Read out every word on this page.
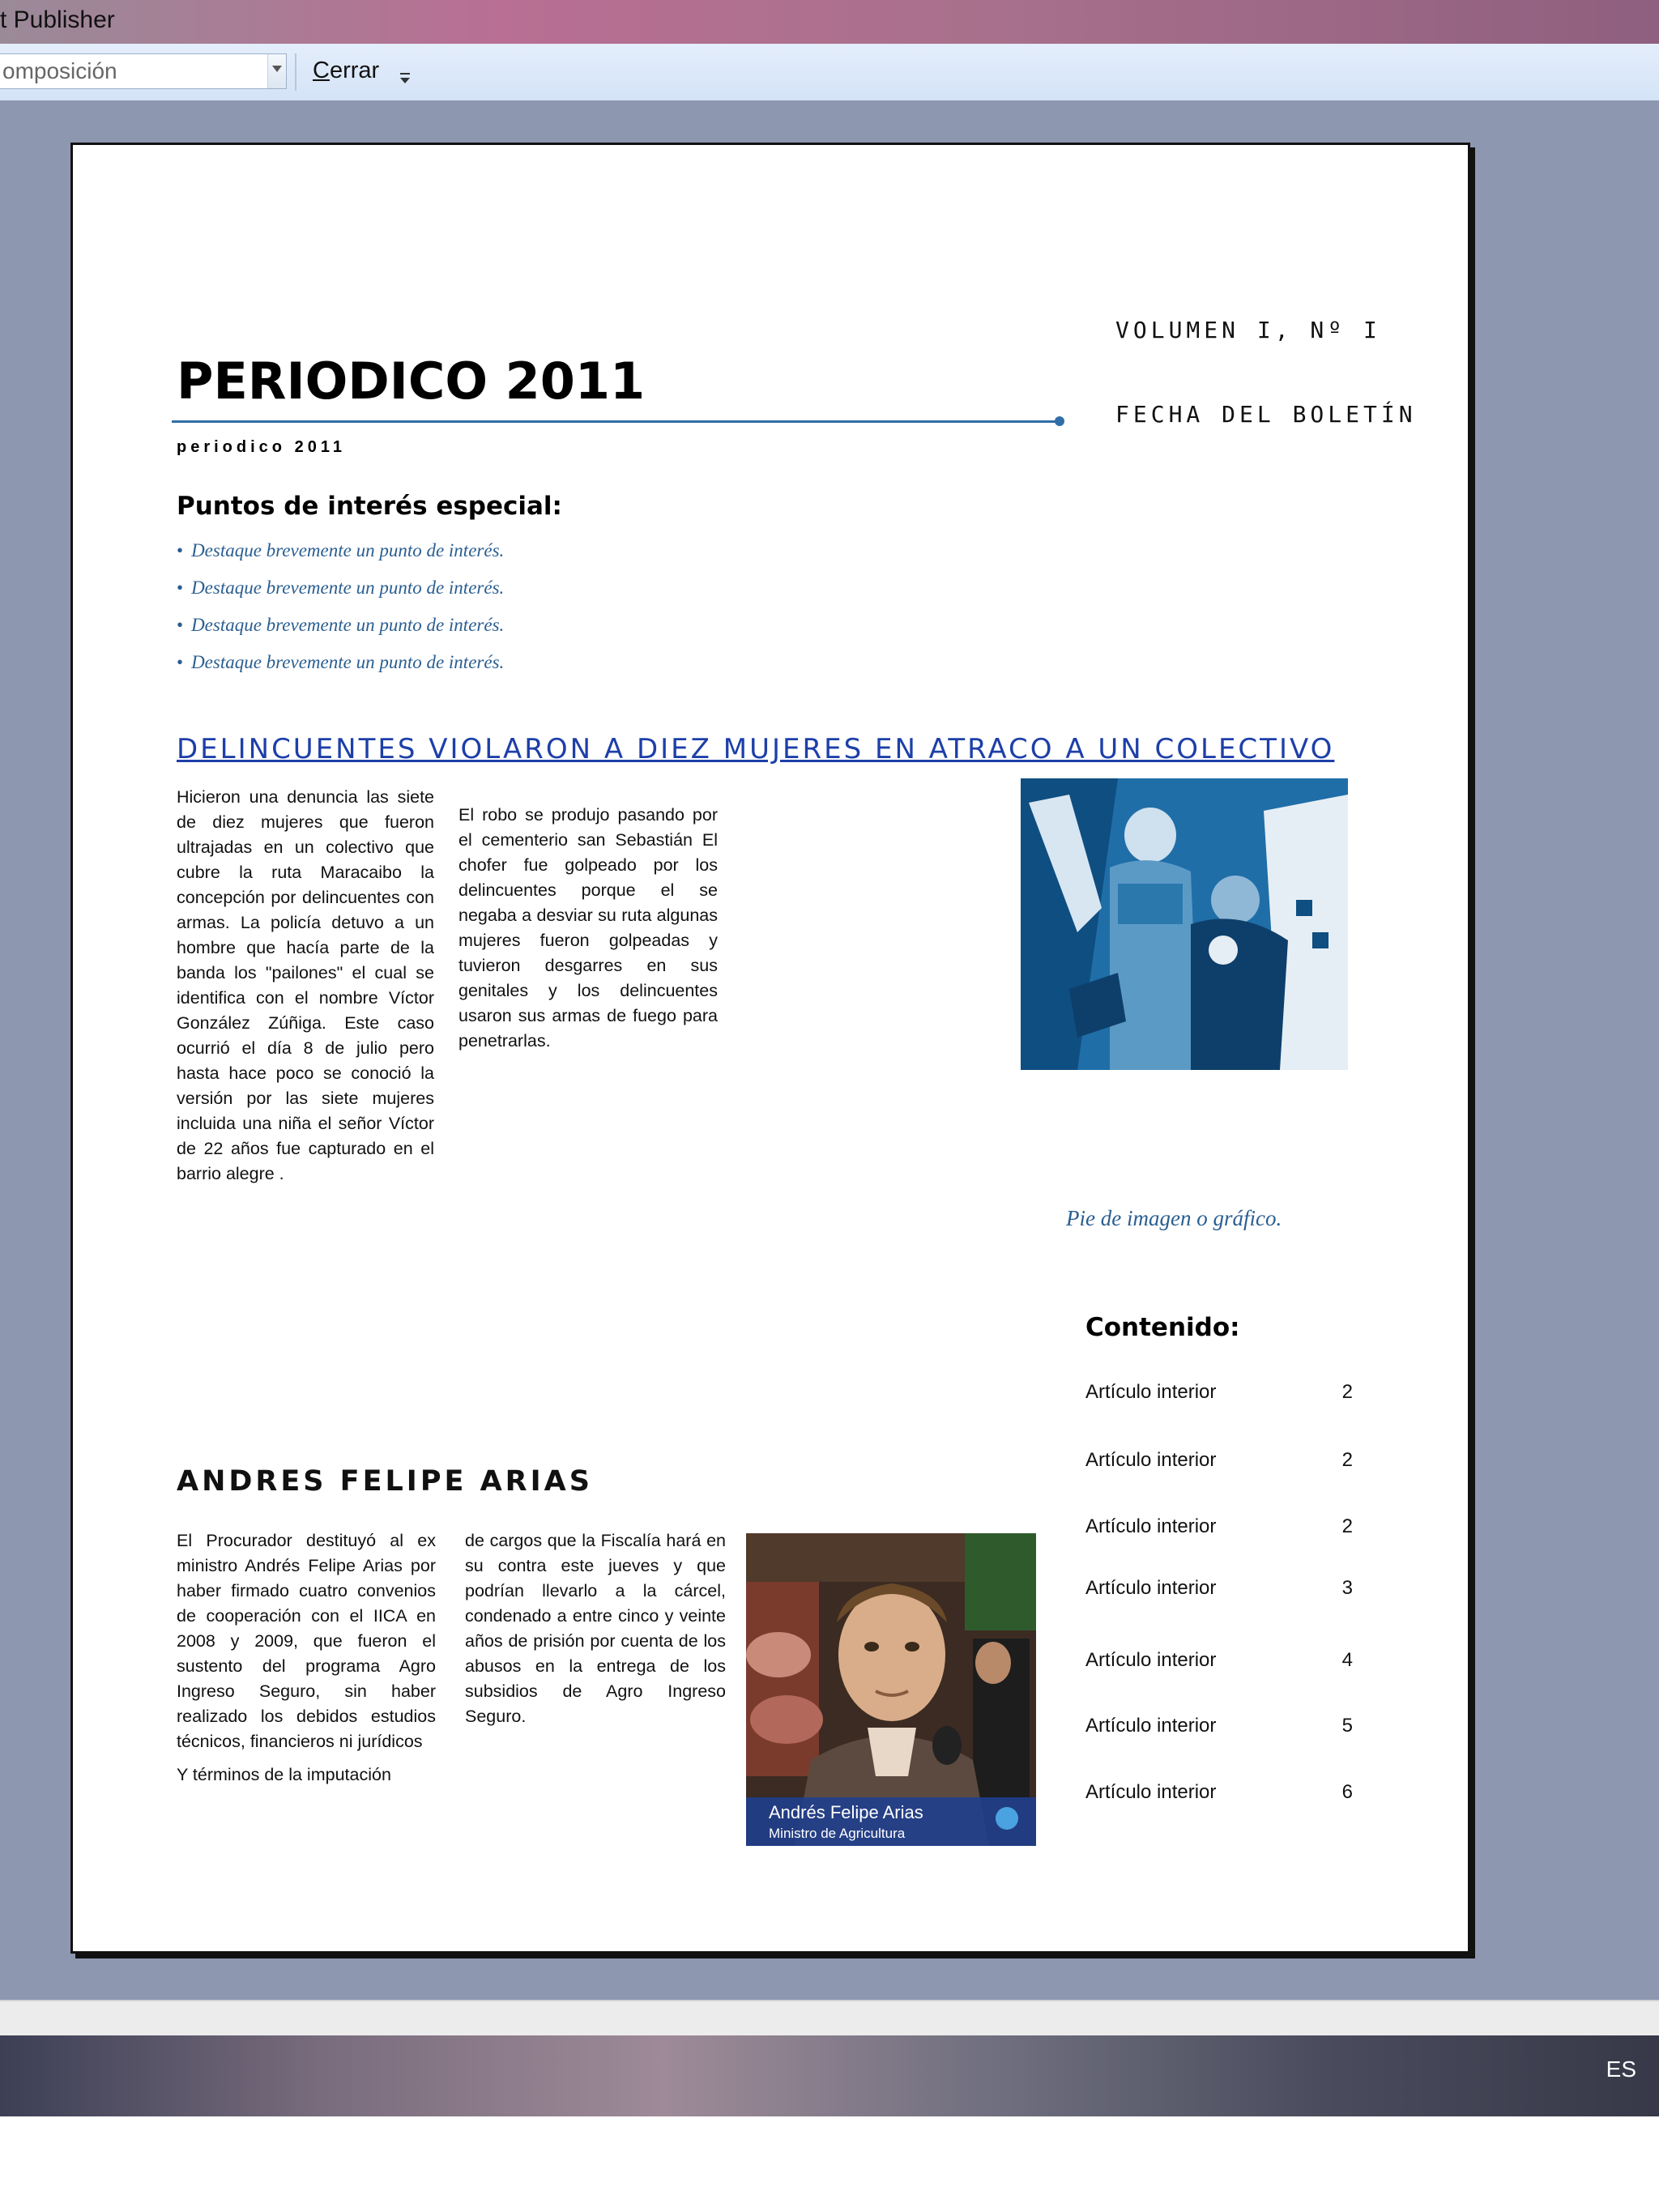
t Publisher
omposición	Cerrar
VOLUMEN I, Nº I
FECHA DEL BOLETÍN
PERIODICO 2011
periodico 2011
Puntos de interés especial:
• Destaque brevemente un punto de interés.
• Destaque brevemente un punto de interés.
• Destaque brevemente un punto de interés.
• Destaque brevemente un punto de interés.
DELINCUENTES VIOLARON A DIEZ MUJERES EN ATRACO A UN COLECTIVO
Hicieron una denuncia las siete de diez mujeres que fueron ultrajadas en un colectivo que cubre la ruta Maracaibo la concepción por delincuentes con armas. La policía detuvo a un hombre que hacía parte de la banda los "pailones" el cual se identifica con el nombre Víctor González Zúñiga. Este caso ocurrió el día 8 de julio pero hasta hace poco se conoció la versión por las siete mujeres incluida una niña el señor Víctor de 22 años fue capturado en el barrio alegre .
El robo se produjo pasando por el cementerio san Sebastián El chofer fue golpeado por los delincuentes porque el se negaba a desviar su ruta algunas mujeres fueron golpeadas y tuvieron desgarres en sus genitales y los delincuentes usaron sus armas de fuego para penetrarlas.
Pie de imagen o gráfico.
Contenido:
Artículo interior	2
Artículo interior	2
Artículo interior	2
Artículo interior	3
Artículo interior	4
Artículo interior	5
Artículo interior	6
ANDRES FELIPE ARIAS
El Procurador destituyó al ex ministro Andrés Felipe Arias por haber firmado cuatro convenios de cooperación con el IICA en 2008 y 2009, que fueron el sustento del programa Agro Ingreso Seguro, sin haber realizado los debidos estudios técnicos, financieros ni jurídicos
Y términos de la imputación
de cargos que la Fiscalía hará en su contra este jueves y que podrían llevarlo a la cárcel, condenado a entre cinco y veinte años de prisión por cuenta de los abusos en la entrega de los subsidios de Agro Ingreso Seguro.
Andrés Felipe Arias
Ministro de Agricultura
ES
